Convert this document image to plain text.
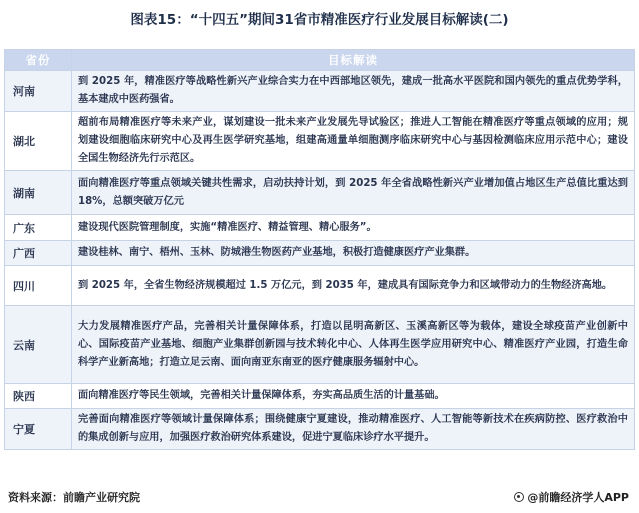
图表15：“十四五”期间31省市精准医疗行业发展目标解读(二)
省份	目标解读
河南	到 2025 年，精准医疗等战略性新兴产业综合实力在中西部地区领先，建成一批高水平医院和国内领先的重点优势学科，基本建成中医药强省。
湖北	超前布局精准医疗等未来产业，谋划建设一批未来产业发展先导试验区；推进人工智能在精准医疗等重点领域的应用；规划建设细胞临床研究中心及再生医学研究基地，组建高通量单细胞测序临床研究中心与基因检测临床应用示范中心；建设全国生物经济先行示范区。
湖南	面向精准医疗等重点领域关键共性需求，启动扶持计划，到 2025 年全省战略性新兴产业增加值占地区生产总值比重达到 18%，总额突破万亿元
广东	建设现代医院管理制度，实施“精准医疗、精益管理、精心服务”。
广西	建设桂林、南宁、梧州、玉林、防城港生物医药产业基地，积极打造健康医疗产业集群。
四川	到 2025 年，全省生物经济规模超过 1.5 万亿元，到 2035 年，建成具有国际竞争力和区域带动力的生物经济高地。
云南	大力发展精准医疗产品，完善相关计量保障体系，打造以昆明高新区、玉溪高新区等为载体，建设全球疫苗产业创新中心、国际疫苗产业基地、细胞产业集群创新园与技术转化中心、人体再生医学应用研究中心、精准医疗产业园，打造生命科学产业新高地；打造立足云南、面向南亚东南亚的医疗健康服务辐射中心。
陕西	面向精准医疗等民生领域，完善相关计量保障体系，夯实高品质生活的计量基础。
宁夏	完善面向精准医疗等领域计量保障体系；围绕健康宁夏建设，推动精准医疗、人工智能等新技术在疾病防控、医疗救治中的集成创新与应用，加强医疗救治研究体系建设，促进宁夏临床诊疗水平提升。
资料来源：前瞻产业研究院	@前瞻经济学人APP
